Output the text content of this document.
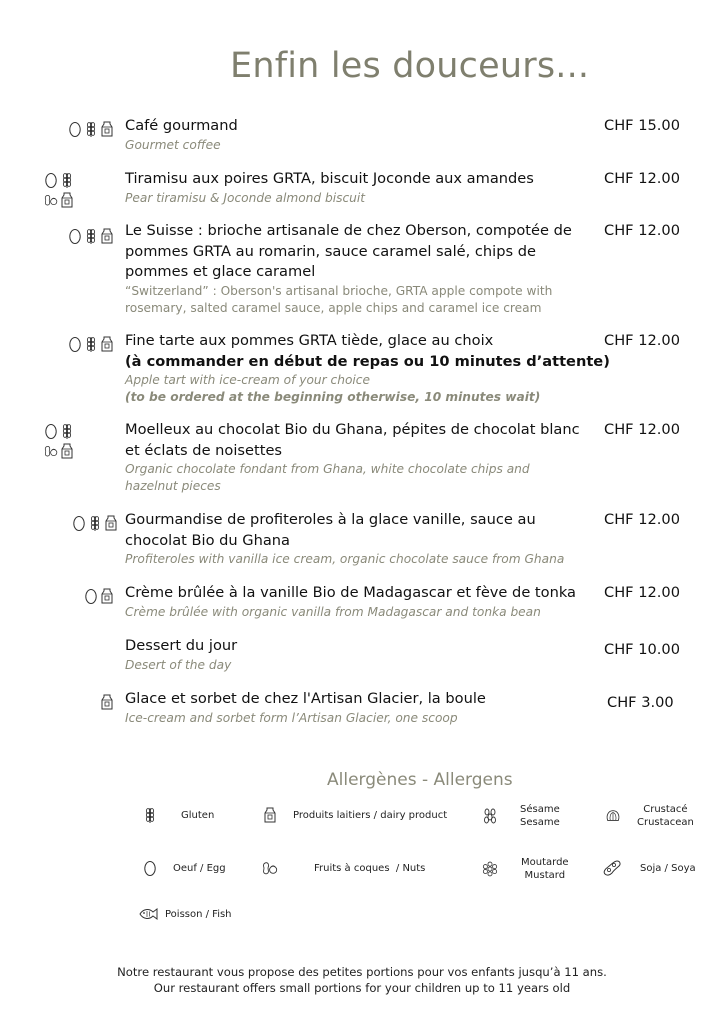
Enfin les douceurs...
Café gourmand
Gourmet coffee
CHF 15.00
Tiramisu aux poires GRTA, biscuit Joconde aux amandes
Pear tiramisu & Joconde almond biscuit
CHF 12.00
Le Suisse : brioche artisanale de chez Oberson, compotée de pommes GRTA au romarin, sauce caramel salé, chips de pommes et glace caramel
“Switzerland” : Oberson's artisanal brioche, GRTA apple compote with rosemary, salted caramel sauce, apple chips and caramel ice cream
CHF 12.00
Fine tarte aux pommes GRTA tiède, glace au choix
(à commander en début de repas ou 10 minutes d’attente)
Apple tart with ice-cream of your choice
(to be ordered at the beginning otherwise, 10 minutes wait)
CHF 12.00
Moelleux au chocolat Bio du Ghana, pépites de chocolat blanc et éclats de noisettes
Organic chocolate fondant from Ghana, white chocolate chips and hazelnut pieces
CHF 12.00
Gourmandise de profiteroles à la glace vanille, sauce au chocolat Bio du Ghana
Profiteroles with vanilla ice cream, organic chocolate sauce from Ghana
CHF 12.00
Crème brûlée à la vanille Bio de Madagascar et fève de tonka
Crème brûlée with organic vanilla from Madagascar and tonka bean
CHF 12.00
Dessert du jour
Desert of the day
CHF 10.00
Glace et sorbet de chez l'Artisan Glacier, la boule
Ice-cream and sorbet form l’Artisan Glacier, one scoop
CHF 3.00
Allergènes - Allergens
Gluten	Produits laitiers / dairy product	Sésame
Sesame
Crustacé
Crustacean
Oeuf / Egg	Fruits à coques  / Nuts	Moutarde
Mustard
Soja / Soya
Poisson / Fish
Notre restaurant vous propose des petites portions pour vos enfants jusqu’à 11 ans.
Our restaurant offers small portions for your children up to 11 years old
